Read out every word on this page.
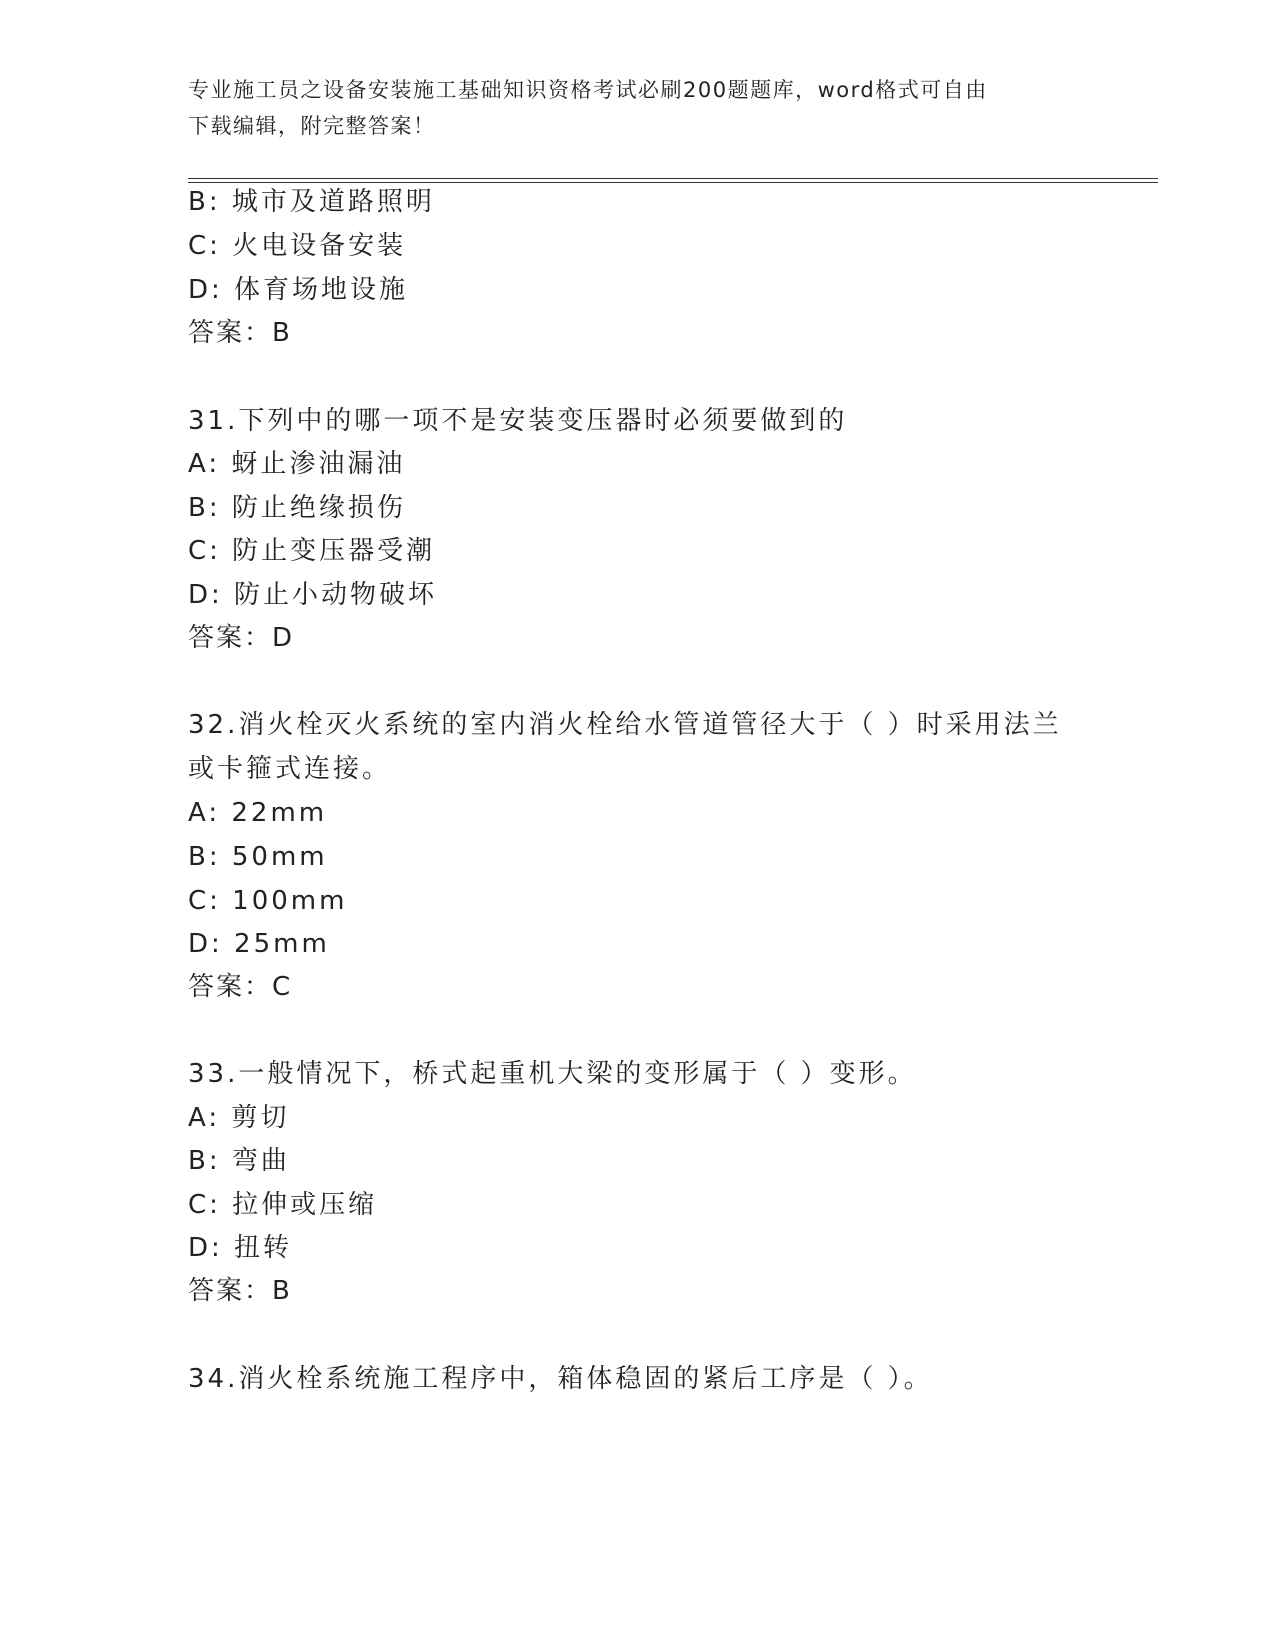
专业施工员之设备安装施工基础知识资格考试必刷200题题库，word格式可自由
下载编辑，附完整答案！
B: 城市及道路照明
C: 火电设备安装
D: 体育场地设施
答案：B
31.下列中的哪一项不是安装变压器时必须要做到的
A: 蚜止渗油漏油
B: 防止绝缘损伤
C: 防止变压器受潮
D: 防止小动物破坏
答案：D
32.消火栓灭火系统的室内消火栓给水管道管径大于（ ）时采用法兰
或卡箍式连接。
A: 22mm
B: 50mm
C: 100mm
D: 25mm
答案：C
33.一般情况下，桥式起重机大梁的变形属于（ ）变形。
A: 剪切
B: 弯曲
C: 拉伸或压缩
D: 扭转
答案：B
34.消火栓系统施工程序中，箱体稳固的紧后工序是（ ）。
